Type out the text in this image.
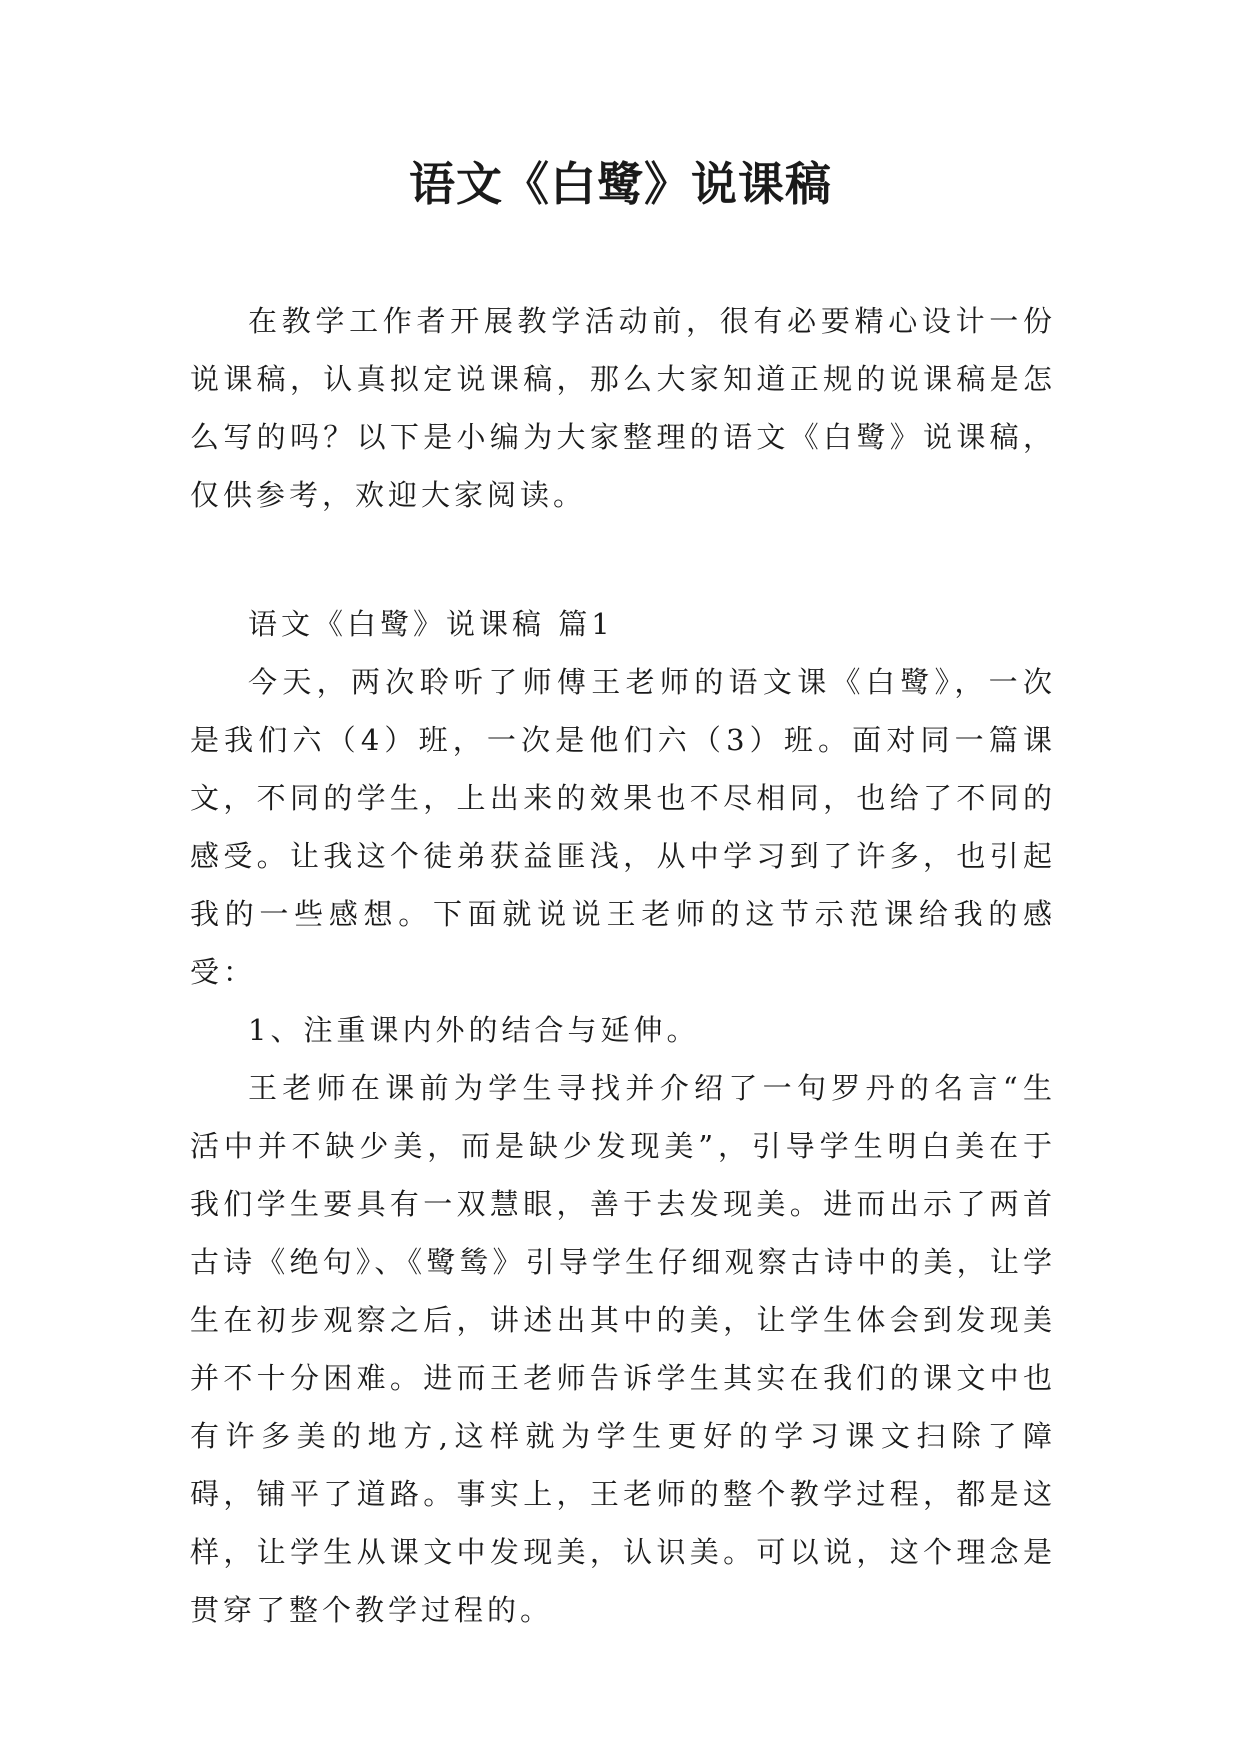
语文《白鹭》说课稿

在教学工作者开展教学活动前，很有必要精心设计一份说课稿，认真拟定说课稿，那么大家知道正规的说课稿是怎么写的吗？以下是小编为大家整理的语文《白鹭》说课稿，仅供参考，欢迎大家阅读。

语文《白鹭》说课稿 篇1

今天，两次聆听了师傅王老师的语文课《白鹭》，一次是我们六（4）班，一次是他们六（3）班。面对同一篇课文，不同的学生，上出来的效果也不尽相同，也给了不同的感受。让我这个徒弟获益匪浅，从中学习到了许多，也引起我的一些感想。下面就说说王老师的这节示范课给我的感受：

1、注重课内外的结合与延伸。

王老师在课前为学生寻找并介绍了一句罗丹的名言“生活中并不缺少美，而是缺少发现美”，引导学生明白美在于我们学生要具有一双慧眼，善于去发现美。进而出示了两首古诗《绝句》、《鹭鸶》引导学生仔细观察古诗中的美，让学生在初步观察之后，讲述出其中的美，让学生体会到发现美并不十分困难。进而王老师告诉学生其实在我们的课文中也有许多美的地方,这样就为学生更好的学习课文扫除了障碍，铺平了道路。事实上，王老师的整个教学过程，都是这样，让学生从课文中发现美，认识美。可以说，这个理念是贯穿了整个教学过程的。
